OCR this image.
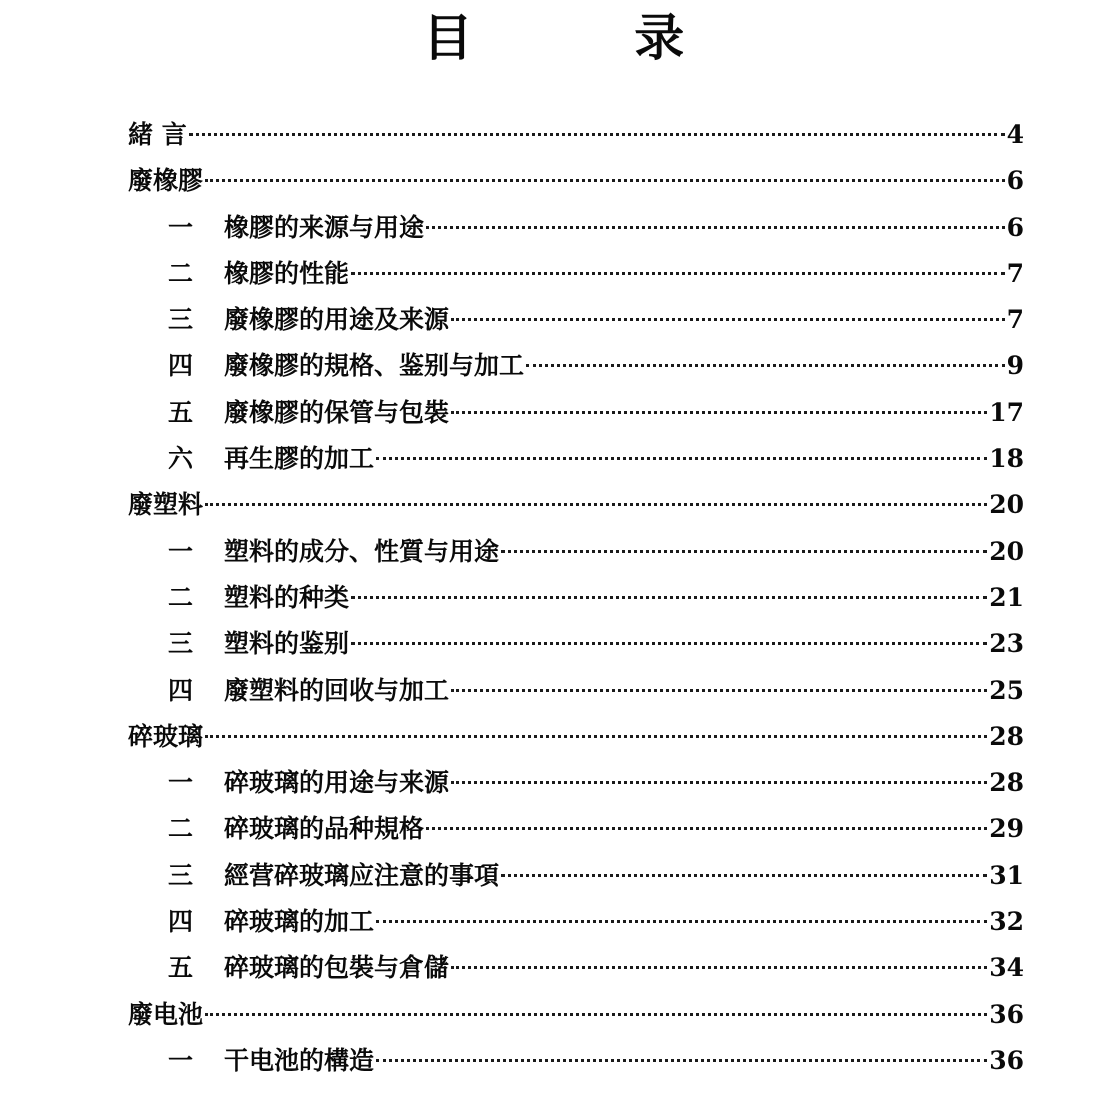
目 录
緒 言	4
廢橡膠	6
一	橡膠的来源与用途	6
二	橡膠的性能	7
三	廢橡膠的用途及来源	7
四	廢橡膠的規格、鉴别与加工	9
五	廢橡膠的保管与包裝	17
六	再生膠的加工	18
廢塑料	20
一	塑料的成分、性質与用途	20
二	塑料的种类	21
三	塑料的鉴别	23
四	廢塑料的回收与加工	25
碎玻璃	28
一	碎玻璃的用途与来源	28
二	碎玻璃的品种規格	29
三	經营碎玻璃应注意的事項	31
四	碎玻璃的加工	32
五	碎玻璃的包裝与倉儲	34
廢电池	36
一	干电池的構造	36
